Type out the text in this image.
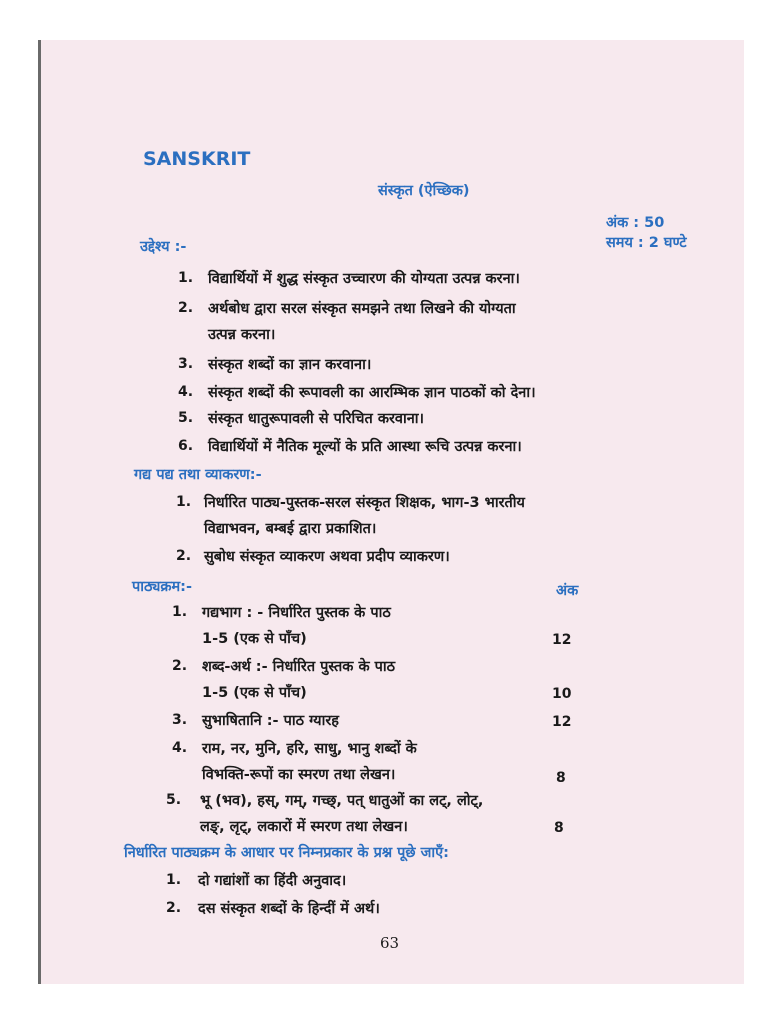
SANSKRIT
संस्कृत (ऐच्छिक)
अंक : 50
समय : 2 घण्टे
उद्देश्य :-
1. विद्यार्थियों में शुद्ध संस्कृत उच्चारण की योग्यता उत्पन्न करना।
2. अर्थबोध द्वारा सरल संस्कृत समझने तथा लिखने की योग्यता
उत्पन्न करना।
3. संस्कृत शब्दों का ज्ञान करवाना।
4. संस्कृत शब्दों की रूपावली का आरम्भिक ज्ञान पाठकों को देना।
5. संस्कृत धातुरूपावली से परिचित करवाना।
6. विद्यार्थियों में नैतिक मूल्यों के प्रति आस्था रूचि उत्पन्न करना।
गद्य पद्य तथा व्याकरण:-
1. निर्धारित पाठ्य-पुस्तक-सरल संस्कृत शिक्षक, भाग-3 भारतीय
विद्याभवन, बम्बई द्वारा प्रकाशित।
2. सुबोध संस्कृत व्याकरण अथवा प्रदीप व्याकरण।
पाठ्यक्रम:-	अंक
1. गद्यभाग : - निर्धारित पुस्तक के पाठ
1-5 (एक से पाँच)	12
2. शब्द-अर्थ :- निर्धारित पुस्तक के पाठ
1-5 (एक से पाँच)	10
3. सुभाषितानि :- पाठ ग्यारह	12
4. राम, नर, मुनि, हरि, साधु, भानु शब्दों के
विभक्ति-रूपों का स्मरण तथा लेखन।	8
5. भू (भव), हस्, गम्, गच्छ्, पत् धातुओं का लट्, लोट्,
लङ्, लृट्, लकारों में स्मरण तथा लेखन।	8
निर्धारित पाठ्यक्रम के आधार पर निम्नप्रकार के प्रश्न पूछे जाएँ:
1. दो गद्यांशों का हिंदी अनुवाद।
2. दस संस्कृत शब्दों के हिन्दीं में अर्थ।
63
